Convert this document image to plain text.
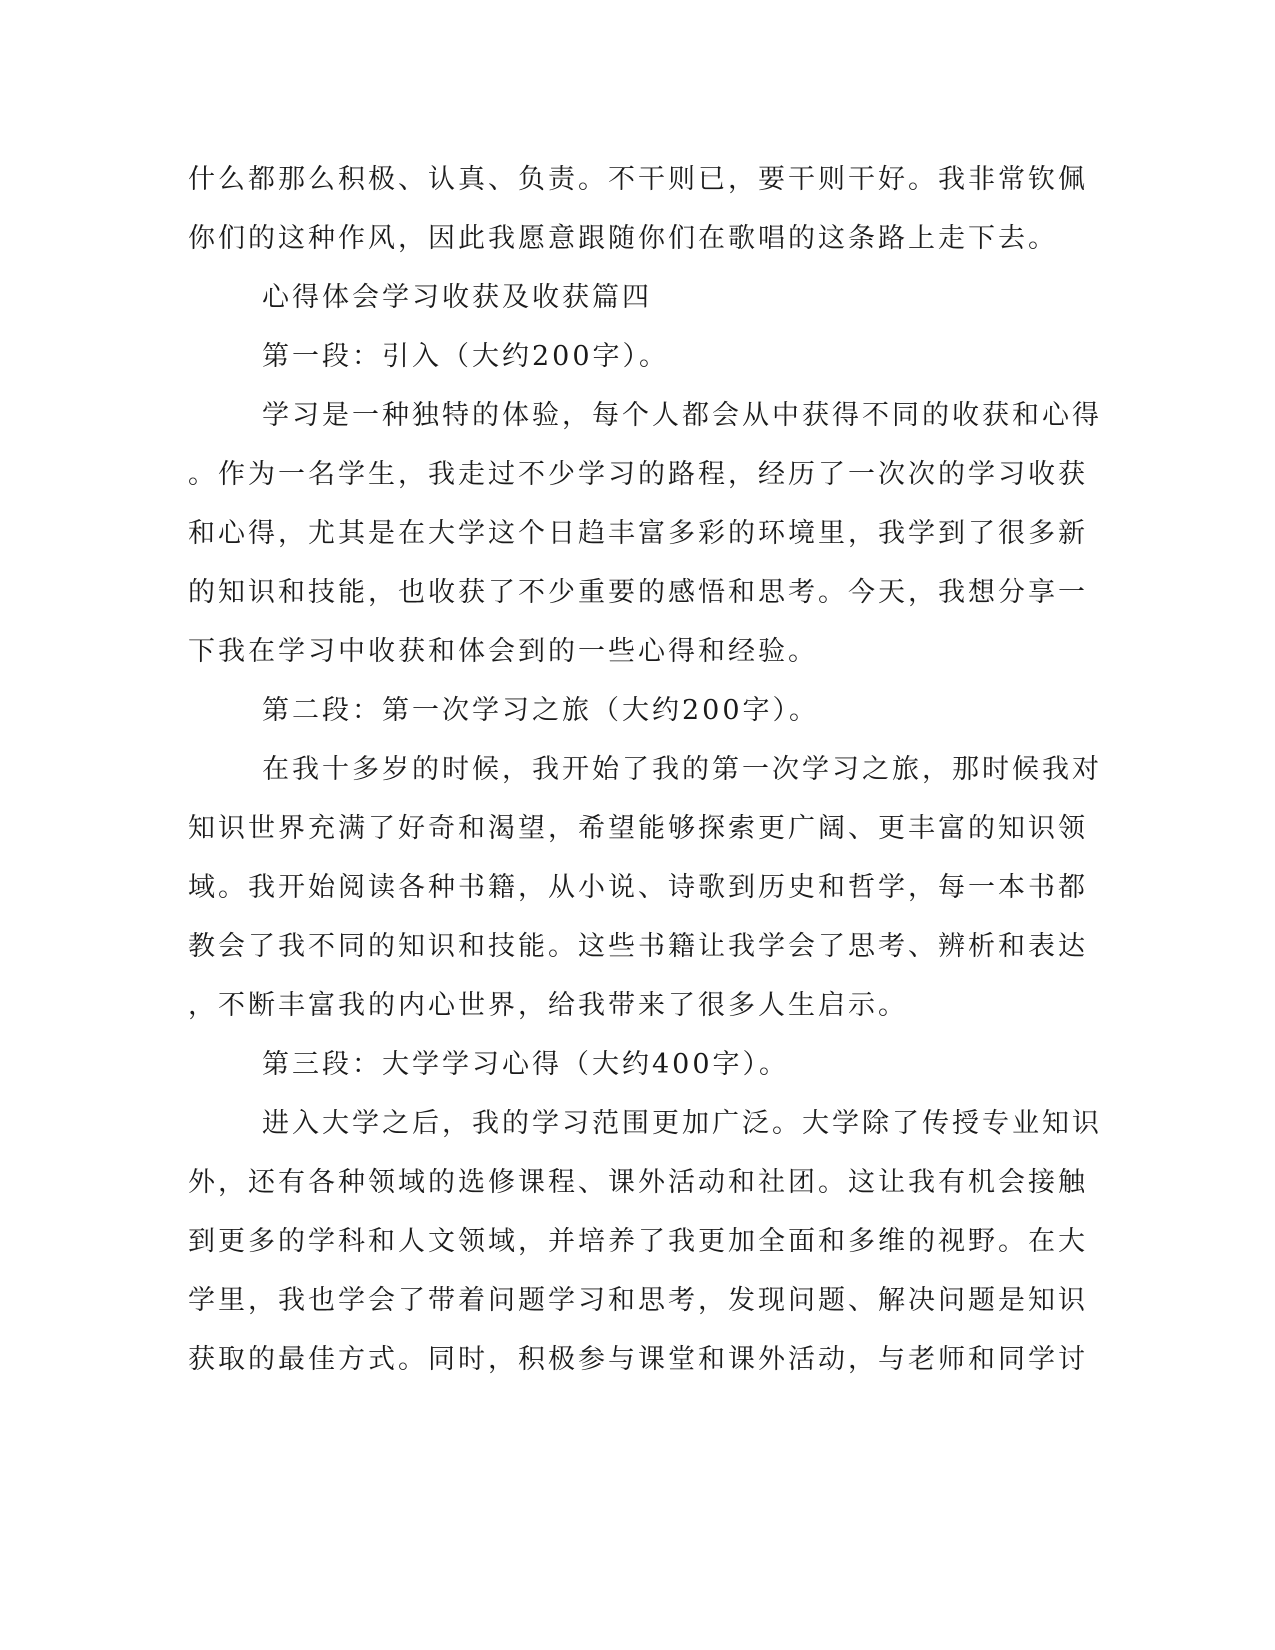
什么都那么积极、认真、负责。不干则已，要干则干好。我非常钦佩
你们的这种作风，因此我愿意跟随你们在歌唱的这条路上走下去。
心得体会学习收获及收获篇四
第一段：引入（大约200字）。
学习是一种独特的体验，每个人都会从中获得不同的收获和心得
。作为一名学生，我走过不少学习的路程，经历了一次次的学习收获
和心得，尤其是在大学这个日趋丰富多彩的环境里，我学到了很多新
的知识和技能，也收获了不少重要的感悟和思考。今天，我想分享一
下我在学习中收获和体会到的一些心得和经验。
第二段：第一次学习之旅（大约200字）。
在我十多岁的时候，我开始了我的第一次学习之旅，那时候我对
知识世界充满了好奇和渴望，希望能够探索更广阔、更丰富的知识领
域。我开始阅读各种书籍，从小说、诗歌到历史和哲学，每一本书都
教会了我不同的知识和技能。这些书籍让我学会了思考、辨析和表达
，不断丰富我的内心世界，给我带来了很多人生启示。
第三段：大学学习心得（大约400字）。
进入大学之后，我的学习范围更加广泛。大学除了传授专业知识
外，还有各种领域的选修课程、课外活动和社团。这让我有机会接触
到更多的学科和人文领域，并培养了我更加全面和多维的视野。在大
学里，我也学会了带着问题学习和思考，发现问题、解决问题是知识
获取的最佳方式。同时，积极参与课堂和课外活动，与老师和同学讨
